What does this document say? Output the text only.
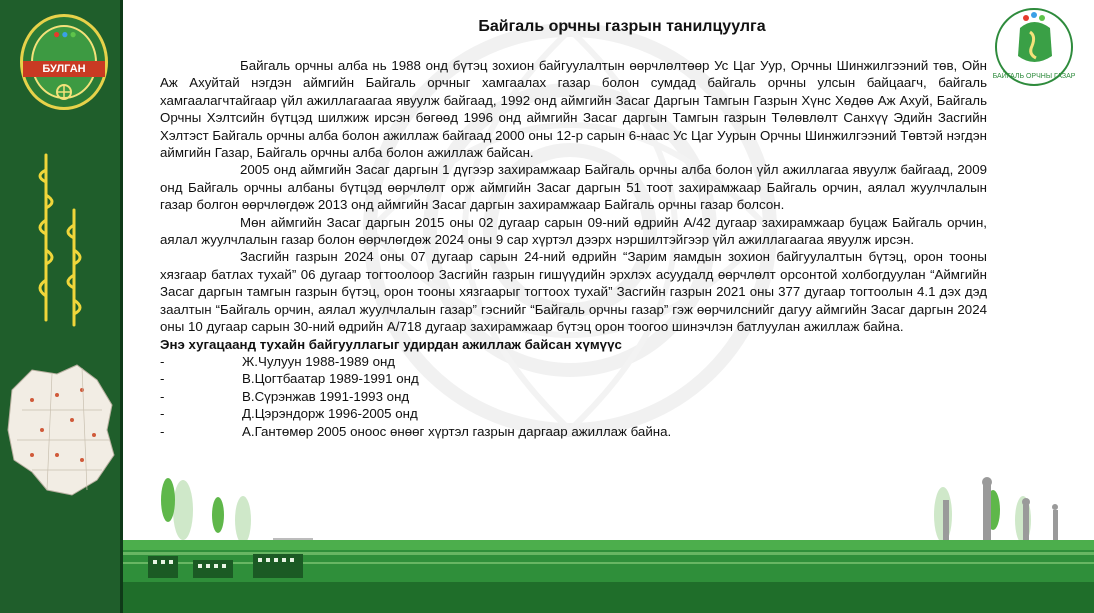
●●●
БУЛГАН
БАЙГАЛЬ ОРЧНЫ ГАЗАР
Байгаль орчны газрын танилцуулга

Байгаль орчны алба нь 1988 онд бүтэц зохион байгуулалтын өөрчлөлтөөр Ус Цаг Уур, Орчны Шинжилгээний төв, Ойн Аж Ахуйтай нэгдэн аймгийн Байгаль орчныг хамгаалах газар болон сумдад байгаль орчны улсын байцаагч, байгаль хамгаалагчтайгаар үйл ажиллагаагаа явуулж байгаад, 1992 онд аймгийн Засаг Даргын Тамгын Газрын Хүнс Хөдөө Аж Ахуй, Байгаль Орчны Хэлтсийн бүтцэд шилжиж ирсэн бөгөөд 1996 онд аймгийн Засаг даргын Тамгын газрын Төлөвлөлт Санхүү Эдийн Засгийн Хэлтэст Байгаль орчны алба болон ажиллаж байгаад 2000 оны 12-р сарын 6-наас Ус Цаг Уурын Орчны Шинжилгээний Төвтэй нэгдэн аймгийн Газар, Байгаль орчны алба болон ажиллаж байсан.

2005 онд аймгийн Засаг даргын 1 дүгээр захирамжаар Байгаль орчны алба болон үйл ажиллагаа явуулж байгаад, 2009 онд Байгаль орчны албаны бүтцэд өөрчлөлт орж аймгийн Засаг даргын 51 тоот захирамжаар Байгаль орчин, аялал жуулчлалын газар болгон өөрчлөгдөж 2013 онд аймгийн Засаг даргын захирамжаар Байгаль орчны газар болсон.

Мөн аймгийн Засаг даргын 2015 оны 02 дугаар сарын 09-ний өдрийн А/42 дугаар захирамжаар буцаж Байгаль орчин, аялал жуулчлалын газар болон өөрчлөгдөж 2024 оны 9 сар хүртэл дээрх нэршилтэйгээр үйл ажиллагаагаа явуулж ирсэн.

Засгийн газрын 2024 оны 07 дугаар сарын 24-ний өдрийн “Зарим яамдын зохион байгуулалтын бүтэц, орон тооны хязгаар батлах тухай” 06 дугаар тогтоолоор Засгийн газрын гишүүдийн эрхлэх асуудалд өөрчлөлт орсонтой холбогдуулан “Аймгийн Засаг даргын тамгын газрын бүтэц, орон тооны хязгаарыг тогтоох тухай” Засгийн газрын 2021 оны 377 дугаар тогтоолын 4.1 дэх дэд заалтын “Байгаль орчин, аялал жуулчлалын газар” гэснийг “Байгаль орчны газар” гэж өөрчилснийг дагуу аймгийн Засаг даргын 2024 оны 10 дугаар сарын 30-ний өдрийн А/718 дугаар захирамжаар бүтэц орон тоогоо шинэчлэн батлуулан ажиллаж байна.

Энэ хугацаанд тухайн байгууллагыг удирдан ажиллаж байсан хүмүүс
-	Ж.Чулуун 1988-1989 онд
-	В.Цогтбаатар 1989-1991 онд
-	В.Сүрэнжав 1991-1993 онд
-	Д.Цэрэндорж 1996-2005 онд
-	А.Гантөмөр 2005 оноос өнөөг хүртэл газрын даргаар ажиллаж байна.
